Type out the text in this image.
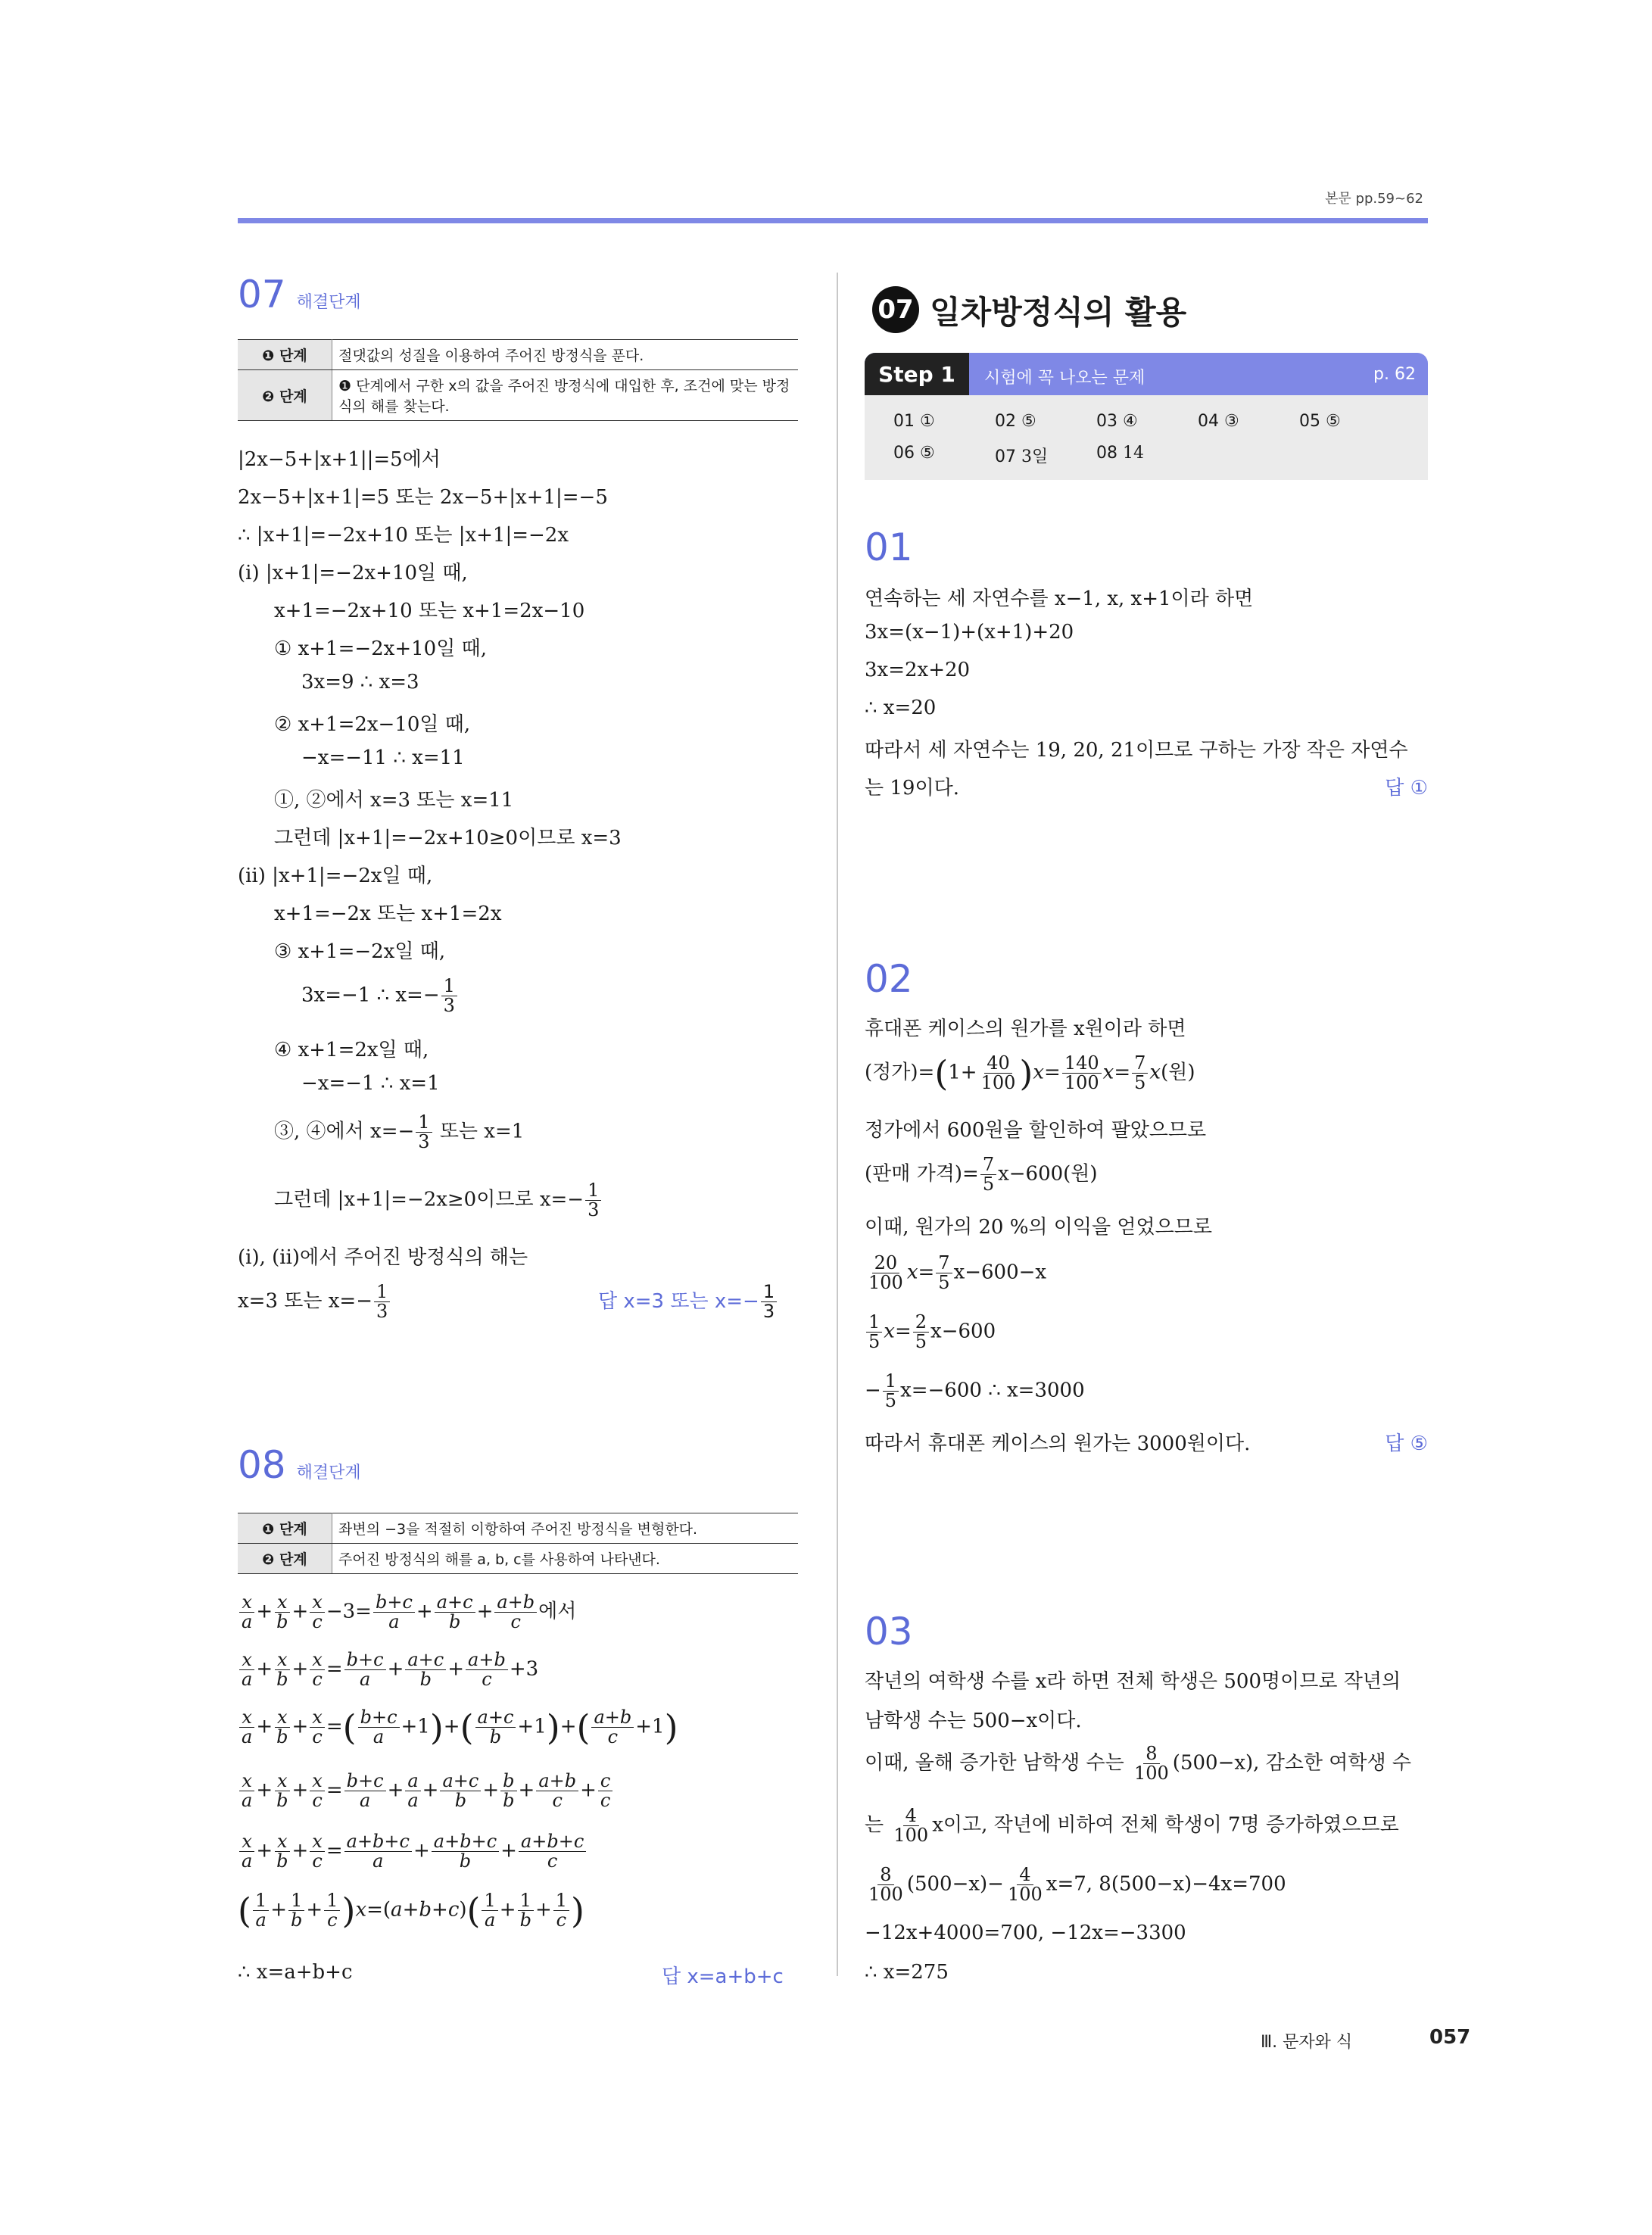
본문 pp.59~62
07 해결단계
❶ 단계	절댓값의 성질을 이용하여 주어진 방정식을 푼다.
❷ 단계	❶ 단계에서 구한 x의 값을 주어진 방정식에 대입한 후, 조건에 맞는 방정식의 해를 찾는다.
|2x−5+|x+1||=5에서
2x−5+|x+1|=5 또는 2x−5+|x+1|=−5
∴ |x+1|=−2x+10 또는 |x+1|=−2x
(ⅰ) |x+1|=−2x+10일 때,
x+1=−2x+10 또는 x+1=2x−10
① x+1=−2x+10일 때,
3x=9 ∴ x=3
② x+1=2x−10일 때,
−x=−11 ∴ x=11
①, ②에서 x=3 또는 x=11
그런데 |x+1|=−2x+10≥0이므로 x=3
(ⅱ) |x+1|=−2x일 때,
x+1=−2x 또는 x+1=2x
③ x+1=−2x일 때,
3x=−1 ∴ $x=- \frac{1}{3}$
④ x+1=2x일 때,
−x=−1 ∴ x=1
③, ④에서 $x=- \frac{1}{3}$ 또는 x=1
그런데 |x+1|=−2x≥0이므로 $x=- \frac{1}{3}$
(ⅰ), (ⅱ)에서 주어진 방정식의 해는
x=3 또는 $x=- \frac{1}{3}$	답 x=3 또는 $x=- \frac{1}{3}$
08 해결단계
❶ 단계	좌변의 −3을 적절히 이항하여 주어진 방정식을 변형한다.
❷ 단계	주어진 방정식의 해를 a, b, c를 사용하여 나타낸다.
$\frac{x}{a} + \frac{x}{b} + \frac{x}{c} -3= \frac{b+c}{a} + \frac{a+c}{b} + \frac{a+b}{c}$ 에서
$\frac{x}{a} + \frac{x}{b} + \frac{x}{c} = \frac{b+c}{a} + \frac{a+c}{b} + \frac{a+b}{c} +3$
$\frac{x}{a} + \frac{x}{b} + \frac{x}{c}$ =( $\frac{b+c}{a} +1)+( \frac{a+c}{b} +1)+( \frac{a+b}{c} +1)$
$\frac{x}{a} + \frac{x}{b} + \frac{x}{c} = \frac{b+c}{a} + \frac{a}{a} + \frac{a+c}{b} + \frac{b}{b} + \frac{a+b}{c} + \frac{c}{c}$
$\frac{x}{a} + \frac{x}{b} + \frac{x}{c} = \frac{a+b+c}{a} + \frac{a+b+c}{b} + \frac{a+b+c}{c}$
( $\frac{1}{a} + \frac{1}{b} + \frac{1}{c} )x=(a+b+c)( \frac{1}{a} + \frac{1}{b} + \frac{1}{c}$ )
∴ x=a+b+c	답 x=a+b+c
07 일차방정식의 활용
Step 1	시험에 꼭 나오는 문제	p. 62
01 ①	02 ⑤	03 ④	04 ③	05 ⑤
06 ⑤	07 3일	08 14
01
연속하는 세 자연수를 x−1, x, x+1이라 하면
3x=(x−1)+(x+1)+20
3x=2x+20
∴ x=20
따라서 세 자연수는 19, 20, 21이므로 구하는 가장 작은 자연수
는 19이다.	답 ①
02
휴대폰 케이스의 원가를 x원이라 하면
(정가)$=(1+ \frac{40}{100} )x= \frac{140}{100} x= \frac{7}{5} x$(원)
정가에서 600원을 할인하여 팔았으므로
(판매 가격)= $\frac{7}{5} x-600$(원)
이때, 원가의 20 %의 이익을 얻었으므로
$\frac{20}{100} x= \frac{7}{5} x-600-x$
$\frac{1}{5} x= \frac{2}{5} x-600$
− $\frac{1}{5} x=-600$ ∴ x=3000
따라서 휴대폰 케이스의 원가는 3000원이다.	답 ⑤
03
작년의 여학생 수를 x라 하면 전체 학생은 500명이므로 작년의
남학생 수는 500−x이다.
이때, 올해 증가한 남학생 수는 $\frac{8}{100} (500-x)$, 감소한 여학생 수
는 $\frac{4}{100}$ x이고, 작년에 비하여 전체 학생이 7명 증가하였으므로
$\frac{8}{100} (500-x)- \frac{4}{100} x=7$, 8(500−x)−4x=700
−12x+4000=700, −12x=−3300
∴ x=275
Ⅲ. 문자와 식	057
